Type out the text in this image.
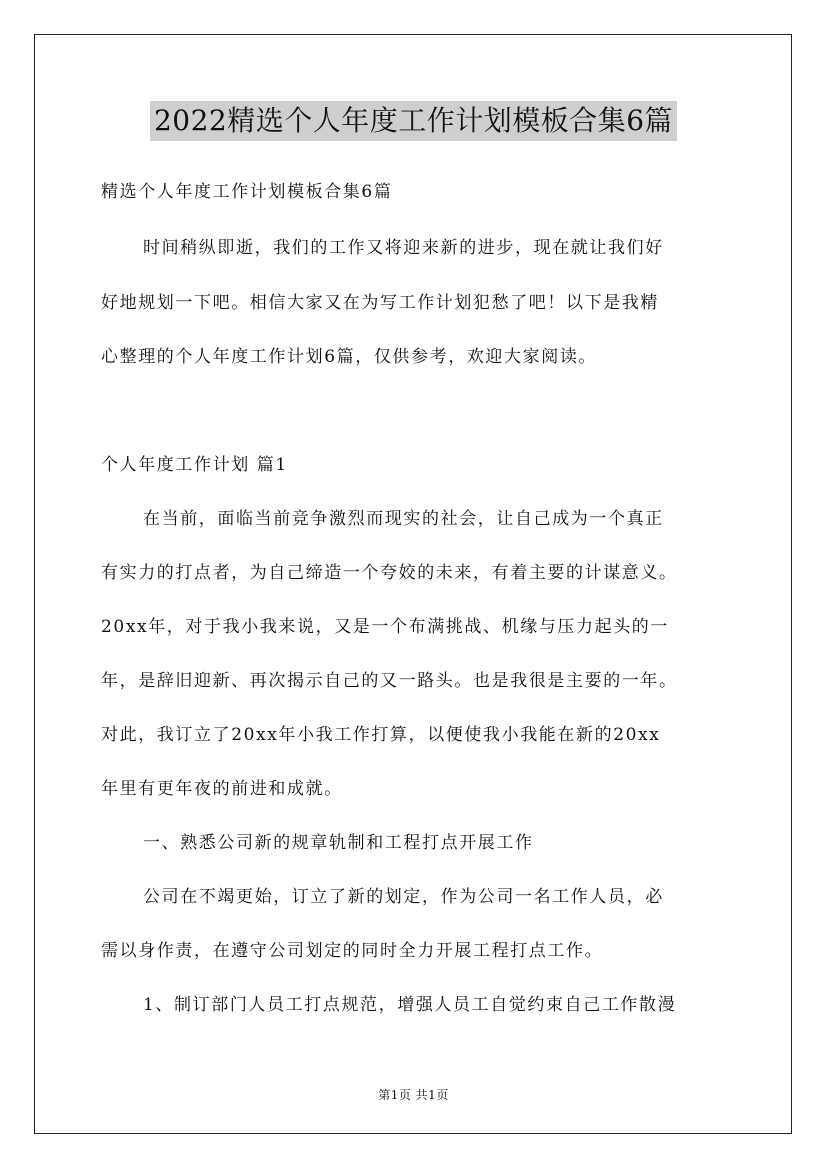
2022精选个人年度工作计划模板合集6篇
精选个人年度工作计划模板合集6篇
时间稍纵即逝，我们的工作又将迎来新的进步，现在就让我们好
好地规划一下吧。相信大家又在为写工作计划犯愁了吧！以下是我精
心整理的个人年度工作计划6篇，仅供参考，欢迎大家阅读。
个人年度工作计划 篇1
在当前，面临当前竞争激烈而现实的社会，让自己成为一个真正
有实力的打点者，为自己缔造一个夸姣的未来，有着主要的计谋意义。
20xx年，对于我小我来说，又是一个布满挑战、机缘与压力起头的一
年，是辞旧迎新、再次揭示自己的又一路头。也是我很是主要的一年。
对此，我订立了20xx年小我工作打算，以便使我小我能在新的20xx
年里有更年夜的前进和成就。
一、熟悉公司新的规章轨制和工程打点开展工作
公司在不竭更始，订立了新的划定，作为公司一名工作人员，必
需以身作责，在遵守公司划定的同时全力开展工程打点工作。
1、制订部门人员工打点规范，增强人员工自觉约束自己工作散漫
第1页 共1页
